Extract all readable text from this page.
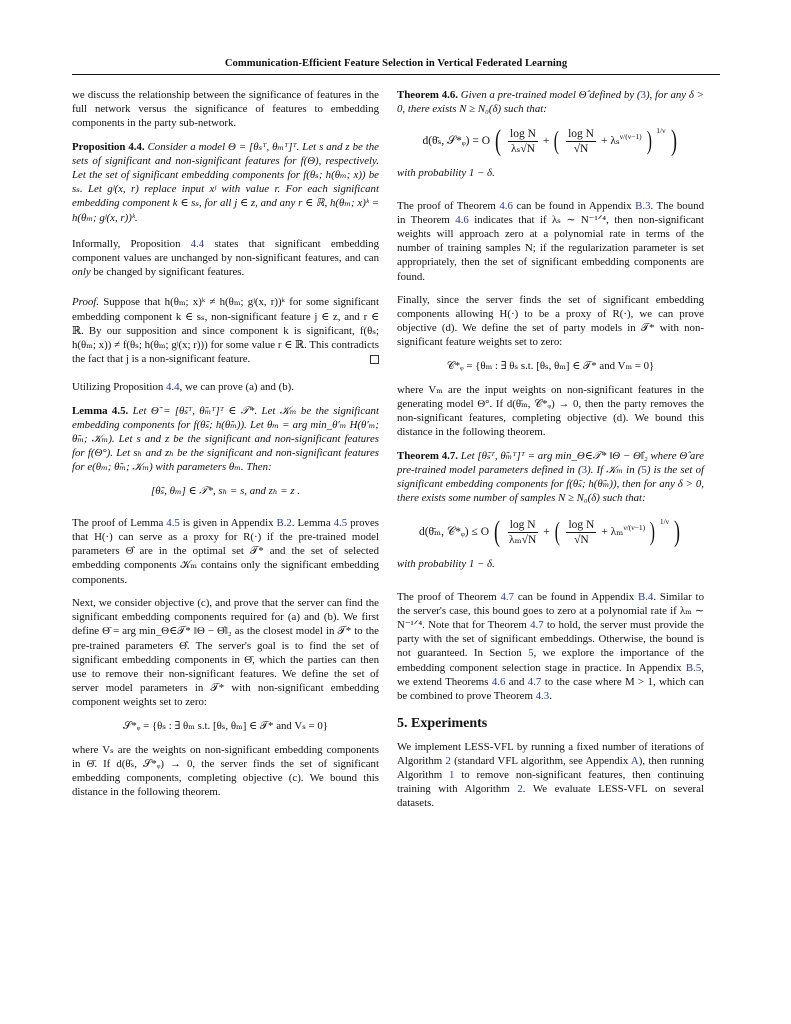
Communication-Efficient Feature Selection in Vertical Federated Learning

we discuss the relationship between the significance of features in the full network versus the significance of features to embedding components in the party sub-network.

Proposition 4.4. Consider a model Θ = [θₛᵀ, θₘᵀ]ᵀ. Let s and z be the sets of significant and non-significant features for f(Θ), respectively. Let the set of significant embedding components for f(θₛ; h(θₘ; x)) be sₛ. Let gʲ(x, r) replace input xʲ with value r. For each significant embedding component k ∈ sₛ, for all j ∈ z, and any r ∈ ℝ, h(θₘ; x)ᵏ = h(θₘ; gʲ(x, r))ᵏ.

Informally, Proposition 4.4 states that significant embedding component values are unchanged by non-significant features, and can only be changed by significant features.

Proof. Suppose that h(θₘ; x)ᵏ ≠ h(θₘ; gʲ(x, r))ᵏ for some significant embedding component k ∈ sₛ, non-significant feature j ∈ z, and r ∈ ℝ. By our supposition and since component k is significant, f(θₛ; h(θₘ; x)) ≠ f(θₛ; h(θₘ; gʲ(x; r))) for some value r ∈ ℝ. This contradicts the fact that j is a non-significant feature.

Utilizing Proposition 4.4, we can prove (a) and (b).

Lemma 4.5. Let Θ̃ = [θ̃ₛᵀ, θ̃ₘᵀ]ᵀ ∈ 𝒯*. Let 𝒦ₘ be the significant embedding components for f(θ̃ₛ; h(θ̃ₘ)). Let θₘ = arg min_θ′ₘ H(θ′ₘ; θ̃ₘ; 𝒦ₘ). Let s and z be the significant and non-significant features for f(Θ°). Let sₕ and zₕ be the significant and non-significant features for e(θₘ; θ̃ₘ; 𝒦ₘ) with parameters θₘ. Then:

[θ̃ₛ, θₘ] ∈ 𝒯*, sₕ = s, and zₕ = z .

The proof of Lemma 4.5 is given in Appendix B.2. Lemma 4.5 proves that H(·) can serve as a proxy for R(·) if the pre-trained model parameters Θ̂ are in the optimal set 𝒯* and the set of selected embedding components 𝒦ₘ contains only the significant embedding components.

Next, we consider objective (c), and prove that the server can find the significant embedding components required for (a) and (b). We first define Θ̄ = arg min_Θ∈𝒯* ‖Θ − Θ̂‖₂ as the closest model in 𝒯* to the pre-trained parameters Θ̂. The server's goal is to find the set of significant embedding components in Θ̄, which the parties can then use to remove their non-significant features. We define the set of server model parameters in 𝒯* with non-significant embedding component weights set to zero:

𝒮*ᵩ = {θₛ : ∃ θₘ s.t. [θₛ, θₘ] ∈ 𝒯* and Vₛ = 0}

where Vₛ are the weights on non-significant embedding components in Θ̄. If d(θ̄ₛ, 𝒮*ᵩ) → 0, the server finds the set of significant embedding components, completing objective (c). We bound this distance in the following theorem.

Theorem 4.6. Given a pre-trained model Θ̂ defined by (3), for any δ > 0, there exists N ≥ N₀(δ) such that:

d(θ̄ₛ, 𝒮*ᵩ) = O ( $\frac{\text{log N}}{\text{λₛ√N}}$ + ( $\frac{\text{log N}}{√N} + \lambda_s^{\nu/(\nu-1)}$ ) $^{1/\nu}$ )

with probability 1 − δ.

The proof of Theorem 4.6 can be found in Appendix B.3. The bound in Theorem 4.6 indicates that if λₛ ∼ N⁻¹ᐟ⁴, then non-significant weights will approach zero at a polynomial rate in terms of the number of training samples N; if the regularization parameter is set appropriately, then the set of significant embedding components are found.

Finally, since the server finds the set of significant embedding components allowing H(·) to be a proxy of R(·), we can prove objective (d). We define the set of party models in 𝒯* with non-significant feature weights set to zero:

𝒞*ᵩ = {θₘ : ∃ θₛ s.t. [θₛ, θₘ] ∈ 𝒯* and Vₘ = 0}

where Vₘ are the input weights on non-significant features in the generating model Θ°. If d(θ̄ₘ, 𝒞*ᵩ) → 0, then the party removes the non-significant features, completing objective (d). We bound this distance in the following theorem.

Theorem 4.7. Let [θ̃ₛᵀ, θ̃ₘᵀ]ᵀ = arg min_Θ∈𝒯* ‖Θ − Θ̂‖₂ where Θ̂ are pre-trained model parameters defined in (3). If 𝒦ₘ in (5) is the set of significant embedding components for f(θ̃ₛ; h(θ̃ₘ)), then for any δ > 0, there exists some number of samples N ≥ N₀(δ) such that:

d(θ̄ₘ, 𝒞*ᵩ) ≤ O ( $\frac{\text{log N}}{\text{λₘ√N}}$ + ( $\frac{\text{log N}}{√N} + \lambda_m^{\nu/(\nu-1)}$ ) $^{1/\nu}$ )

with probability 1 − δ.

The proof of Theorem 4.7 can be found in Appendix B.4. Similar to the server's case, this bound goes to zero at a polynomial rate if λₘ ∼ N⁻¹ᐟ⁴. Note that for Theorem 4.7 to hold, the server must provide the party with the set of significant embeddings. Otherwise, the bound is not guaranteed. In Section 5, we explore the importance of the embedding component selection stage in practice. In Appendix B.5, we extend Theorems 4.6 and 4.7 to the case where M > 1, which can be combined to prove Theorem 4.3.

5. Experiments

We implement LESS-VFL by running a fixed number of iterations of Algorithm 2 (standard VFL algorithm, see Appendix A), then running Algorithm 1 to remove non-significant features, then continuing training with Algorithm 2. We evaluate LESS-VFL on several datasets.
